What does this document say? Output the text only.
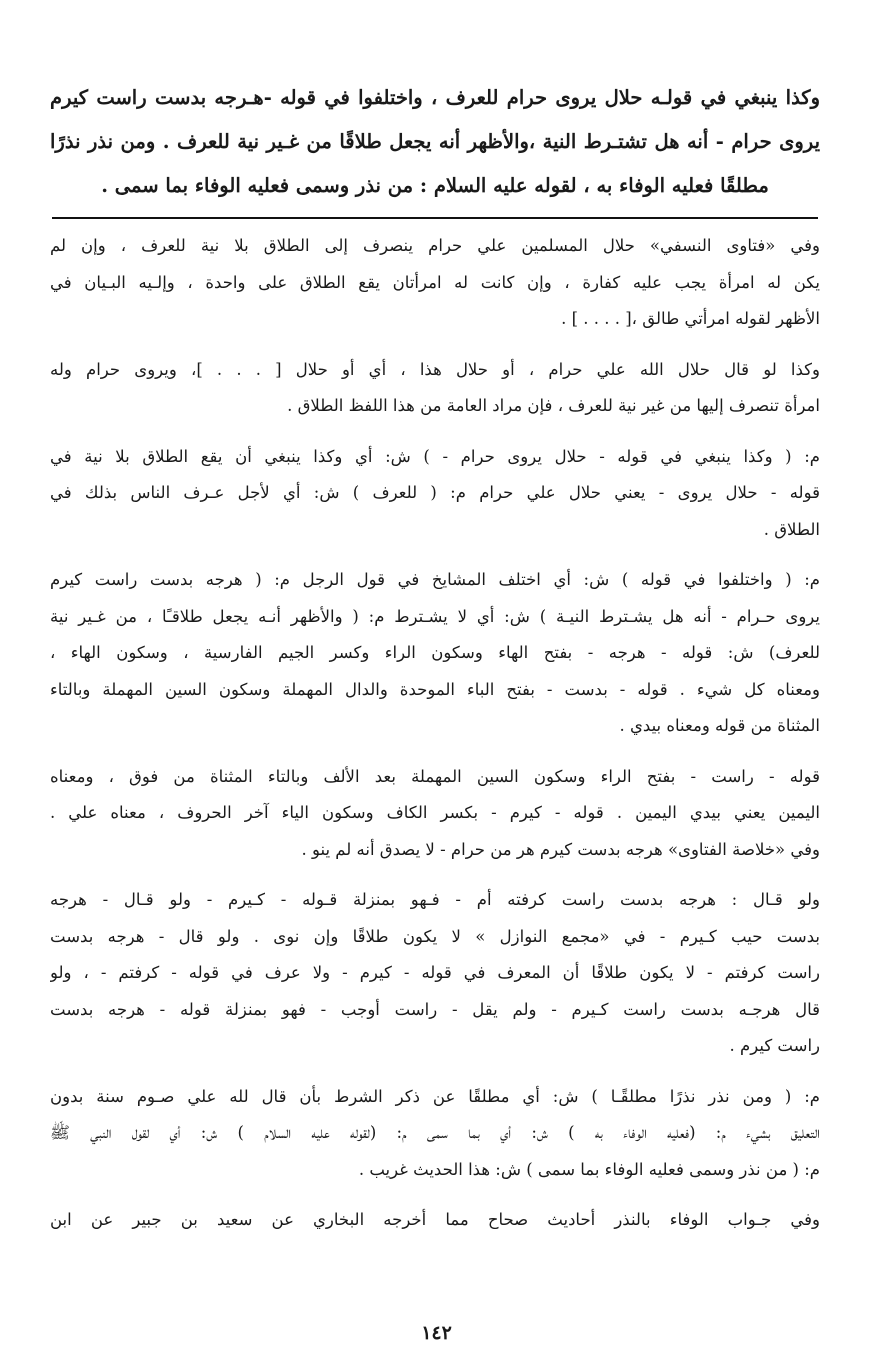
وكذا ينبغي في قولـه حلال يروى حرام للعرف ، واختلفوا في قوله -هـرجه بدست راست كيرم
يروى حرام - أنه هل تشتـرط النية ،والأظهر أنه يجعل طلاقًا من غـير نية للعرف . ومن نذر نذرًا
مطلقًا فعليه الوفاء به ، لقوله عليه السلام : من نذر وسمى فعليه الوفاء بما سمى .
وفي «فتاوى النسفي» حلال المسلمين علي حرام ينصرف إلى الطلاق بلا نية للعرف ، وإن لم
يكن له امرأة يجب عليه كفارة ، وإن كانت له امرأتان يقع الطلاق على واحدة ، وإلـيه البـيان في
الأظهر لقوله امرأتي طالق ،[ . . . . ] .
وكذا لو قال حلال الله علي حرام ، أو حلال هذا ، أي أو حلال [ . . . ]، ويروى حرام وله
امرأة تنصرف إليها من غير نية للعرف ، فإن مراد العامة من هذا اللفظ الطلاق .
م: ( وكذا ينبغي في قوله - حلال يروى حرام - ) ش: أي وكذا ينبغي أن يقع الطلاق بلا نية في
قوله - حلال يروى - يعني حلال علي حرام م: ( للعرف ) ش: أي لأجل عـرف الناس بذلك في
الطلاق .
م: ( واختلفوا في قوله ) ش: أي اختلف المشايخ في قول الرجل م: ( هرجه بدست راست كيرم
يروى حـرام - أنه هل يشـترط النيـة ) ش: أي لا يشـترط م: ( والأظهر أنـه يجعل طلاقـًا ، من غـير نية
للعرف) ش: قوله - هرجه - بفتح الهاء وسكون الراء وكسر الجيم الفارسية ، وسكون الهاء ،
ومعناه كل شيء . قوله - بدست - بفتح الباء الموحدة والدال المهملة وسكون السين المهملة وبالتاء
المثناة من قوله ومعناه بيدي .
قوله - راست - بفتح الراء وسكون السين المهملة بعد الألف وبالتاء المثناة من فوق ، ومعناه
اليمين يعني بيدي اليمين . قوله - كيرم - بكسر الكاف وسكون الياء آخر الحروف ، معناه علي .
وفي «خلاصة الفتاوى» هرجه بدست كيرم هر من حرام - لا يصدق أنه لم ينو .
ولو قـال : هرجه بدست راست كرفته أم - فـهو بمنزلة قـوله - كـيرم - ولو قـال - هرجه
بدست حيب كـيرم - في «مجمع النوازل » لا يكون طلاقًا وإن نوى . ولو قال - هرجه بدست
راست كرفتم - لا يكون طلاقًا أن المعرف في قوله - كيرم - ولا عرف في قوله - كرفتم - ، ولو
قال هرجـه بدست راست كـيرم - ولم يقل - راست أوجب - فهو بمنزلة قوله - هرجه بدست
راست كيرم .
م: ( ومن نذر نذرًا مطلقًـا ) ش: أي مطلقًا عن ذكر الشرط بأن قال لله علي صـوم سنة بدون
التعليق بشيء م: (فعليه الوفاء به ) ش: أي بما سمى م: (لقوله عليه السلام ) ش: أي لقول النبي ﷺ
م: ( من نذر وسمى فعليه الوفاء بما سمى ) ش: هذا الحديث غريب .
وفي جـواب الوفاء بالنذر أحاديث صحاح مما أخرجه البخاري عن سعيد بن جبير عن ابن
١٤٢
